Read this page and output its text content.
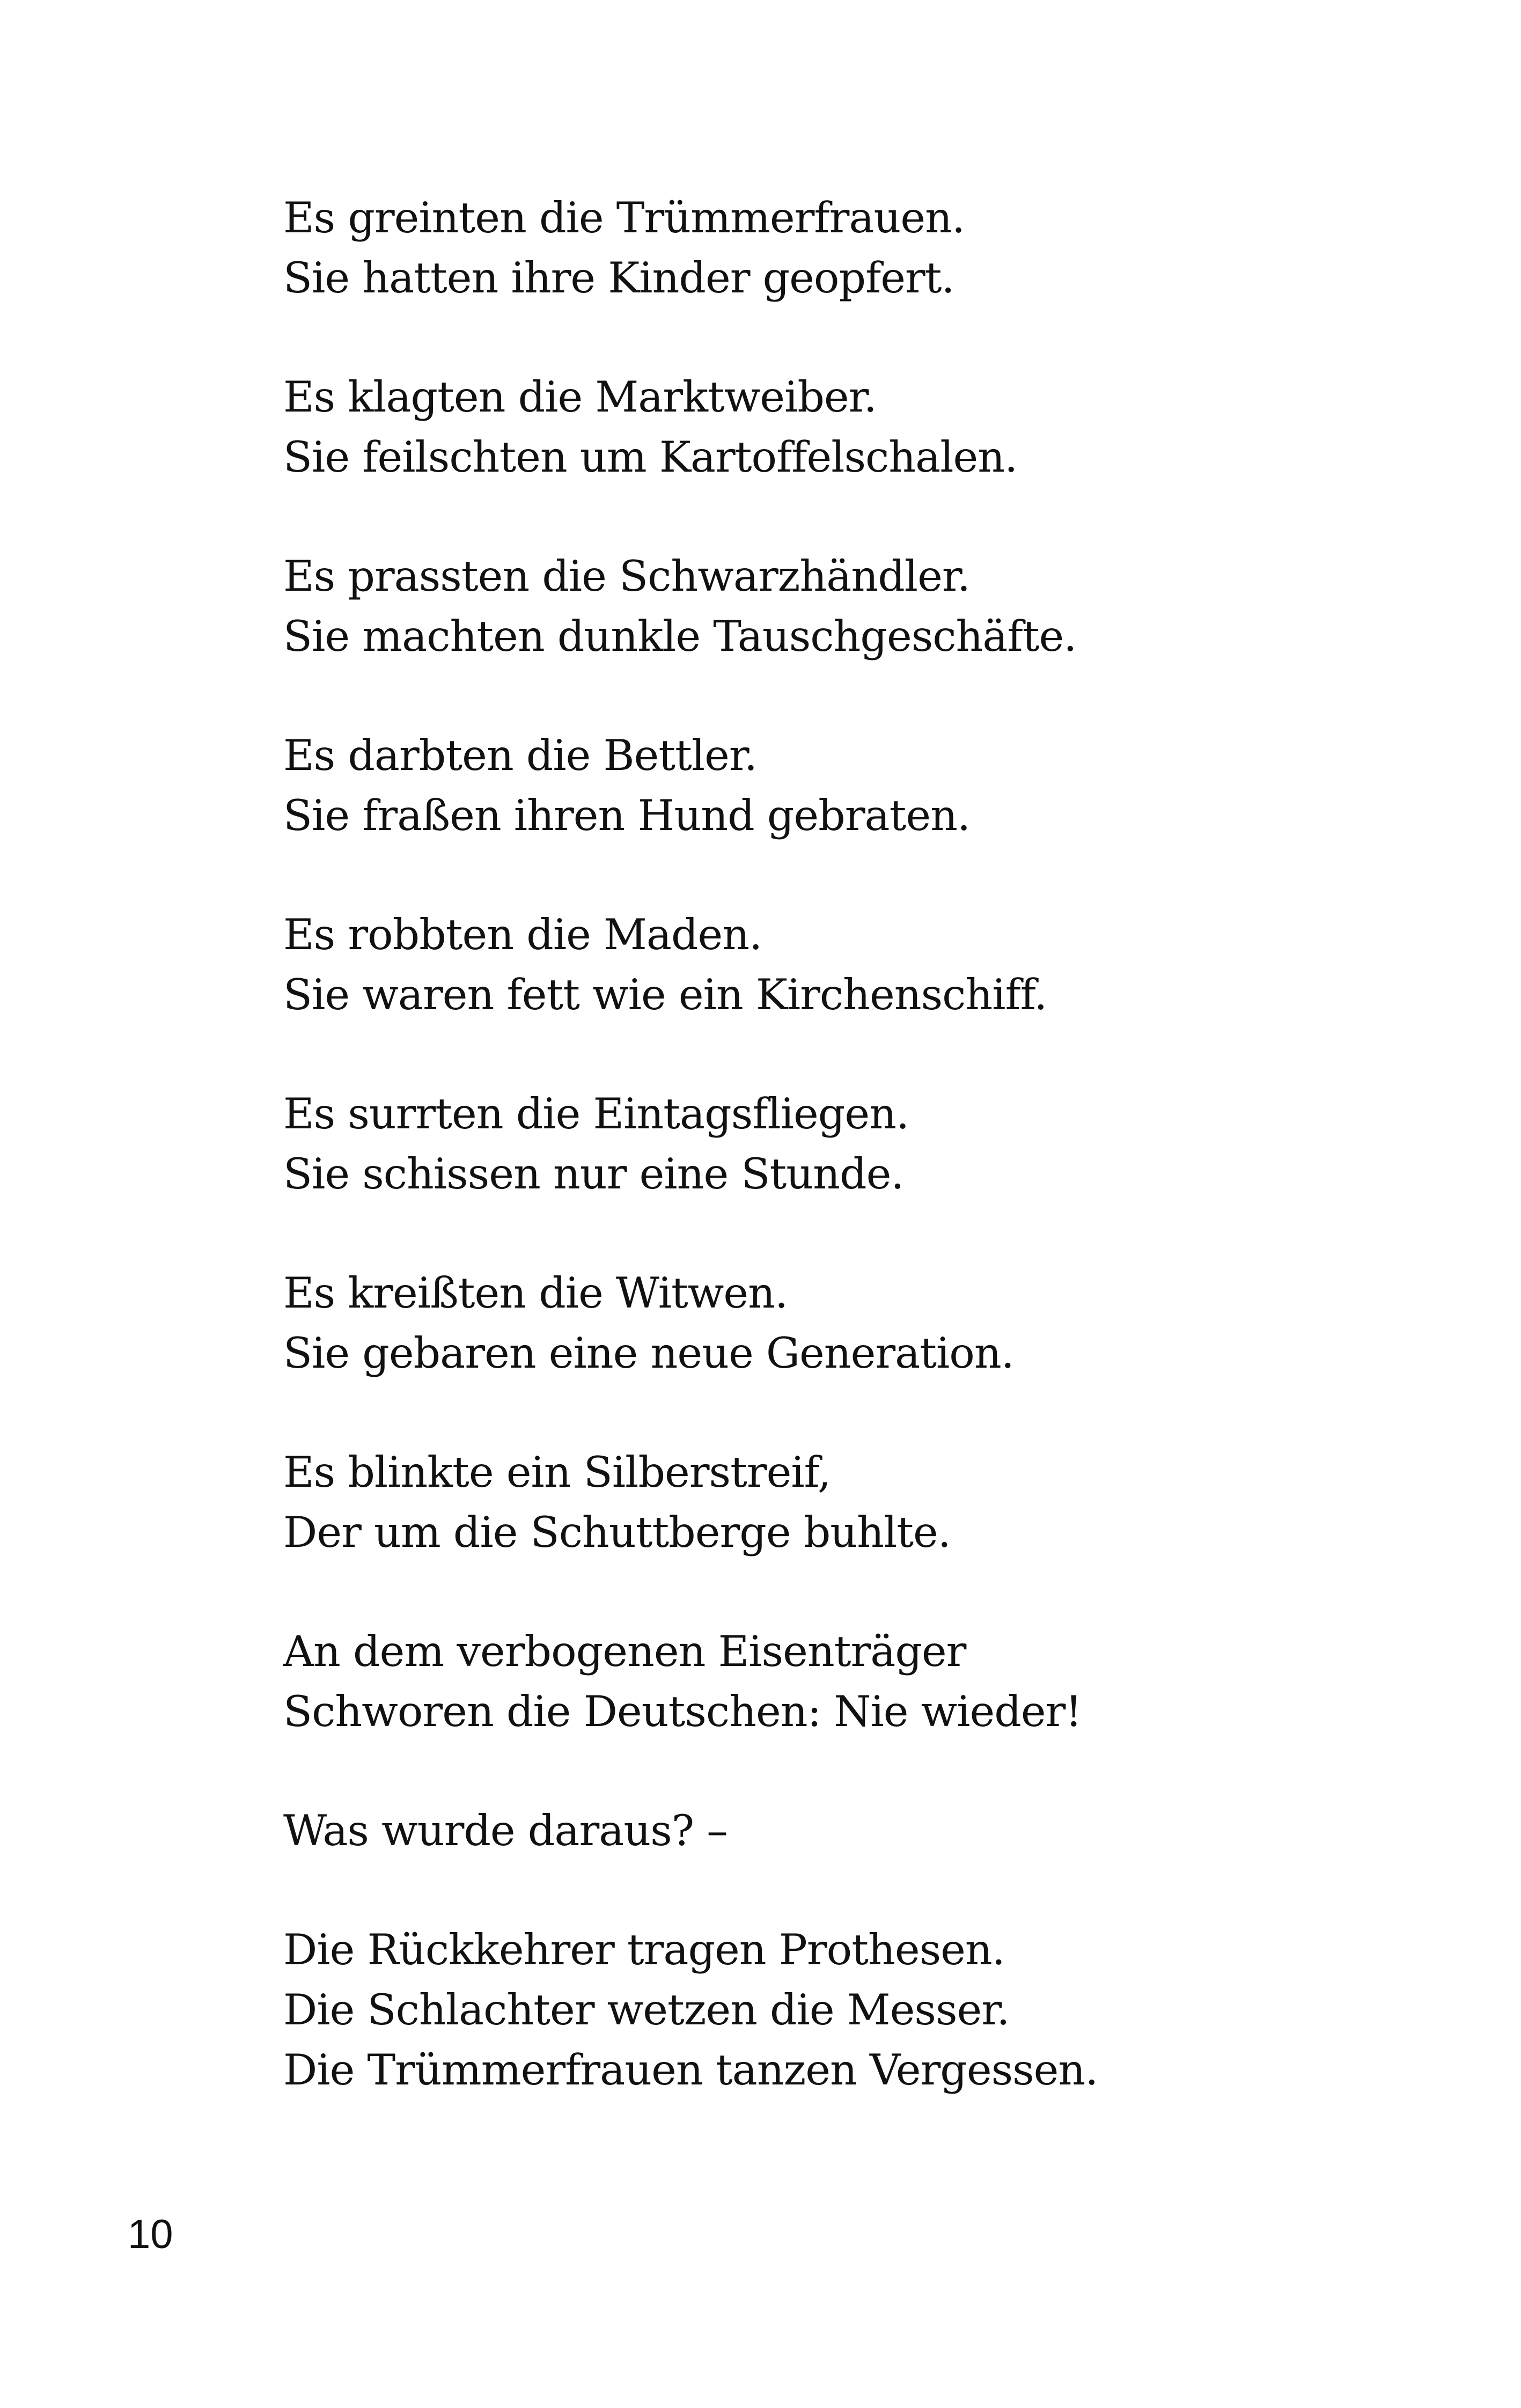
Es greinten die Trümmerfrauen.
Sie hatten ihre Kinder geopfert.
Es klagten die Marktweiber.
Sie feilschten um Kartoffelschalen.
Es prassten die Schwarzhändler.
Sie machten dunkle Tauschgeschäfte.
Es darbten die Bettler.
Sie fraßen ihren Hund gebraten.
Es robbten die Maden.
Sie waren fett wie ein Kirchenschiff.
Es surrten die Eintagsfliegen.
Sie schissen nur eine Stunde.
Es kreißten die Witwen.
Sie gebaren eine neue Generation.
Es blinkte ein Silberstreif,
Der um die Schuttberge buhlte.
An dem verbogenen Eisenträger
Schworen die Deutschen: Nie wieder!
Was wurde daraus? –
Die Rückkehrer tragen Prothesen.
Die Schlachter wetzen die Messer.
Die Trümmerfrauen tanzen Vergessen.
10
